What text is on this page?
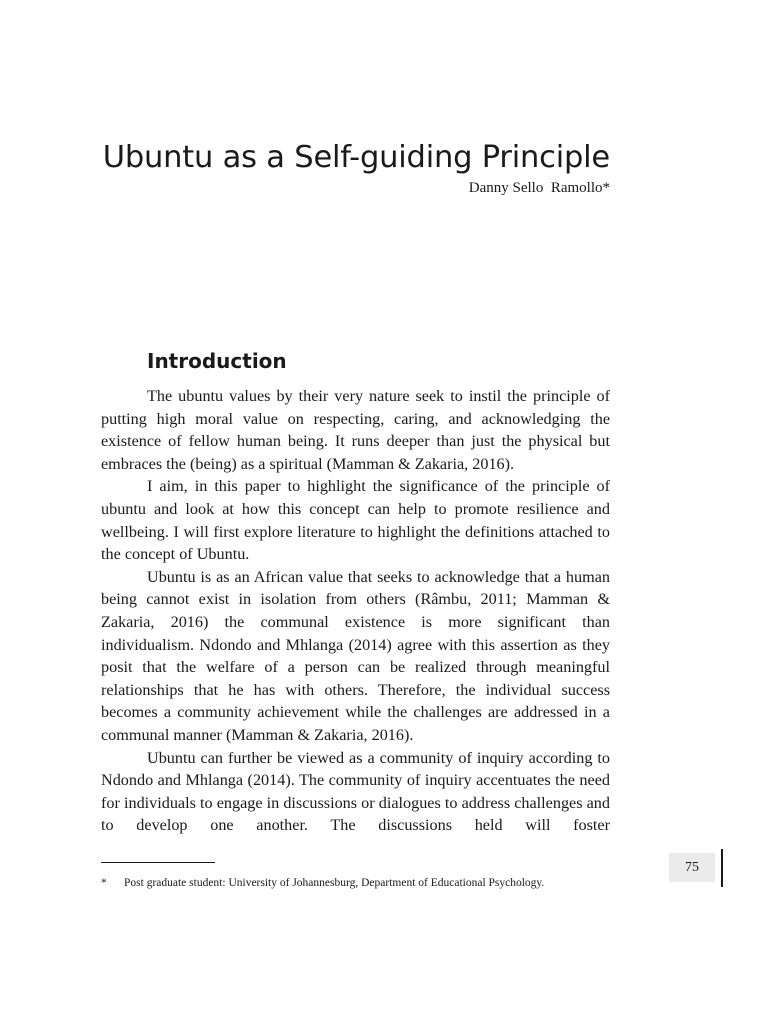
Ubuntu as a Self-guiding Principle
Danny Sello  Ramollo*
Introduction

The ubuntu values by their very nature seek to instil the principle of putting high moral value on respecting, caring, and acknowledging the existence of fellow human being. It runs deeper than just the physical but embraces the (being) as a spiritual (Mamman & Zakaria, 2016).

I aim, in this paper to highlight the significance of the principle of ubuntu and look at how this concept can help to promote resilience and wellbeing. I will first explore literature to highlight the definitions attached to the concept of Ubuntu.

Ubuntu is as an African value that seeks to acknowledge that a human being cannot exist in isolation from others (Râmbu, 2011; Mamman & Zakaria, 2016) the communal existence is more significant than individualism. Ndondo and Mhlanga (2014) agree with this assertion as they posit that the welfare of a person can be realized through meaningful relationships that he has with others. Therefore, the individual success becomes a community achievement while the challenges are addressed in a communal manner (Mamman & Zakaria, 2016).

Ubuntu can further be viewed as a community of inquiry according to Ndondo and Mhlanga (2014). The community of inquiry accentuates the need for individuals to engage in discussions or dialogues to address challenges and to develop one another. The discussions held will foster

* Post graduate student: University of Johannesburg, Department of Educational Psychology.
75
